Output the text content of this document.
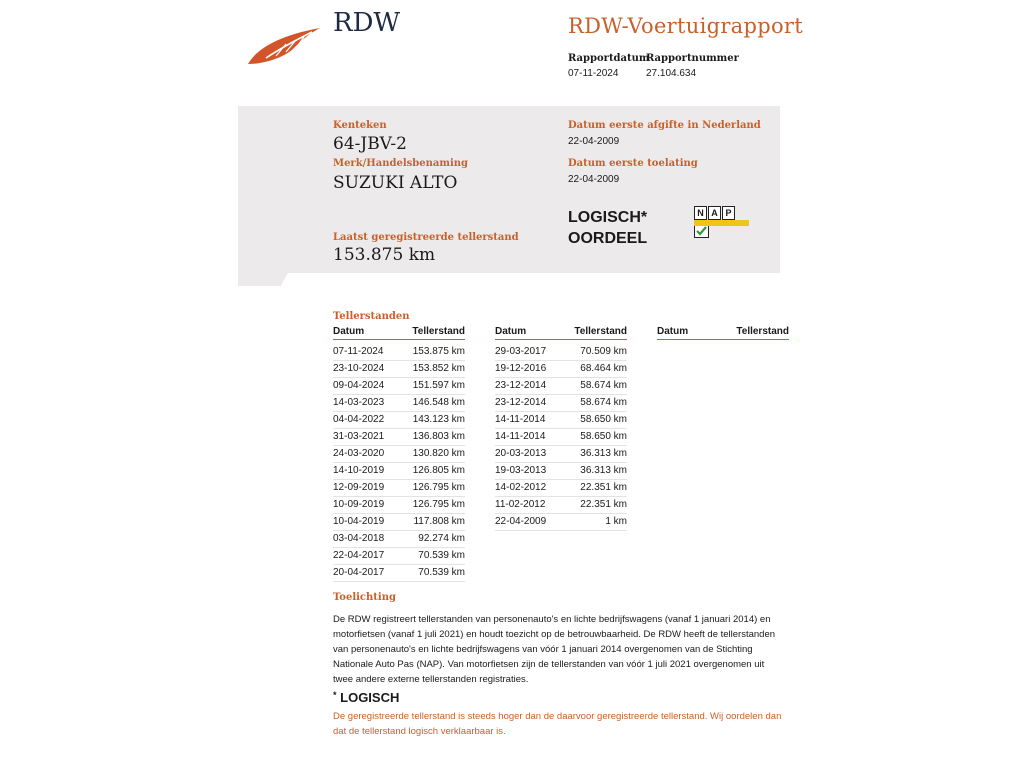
RDW	RDW-Voertuigrapport
Rapportdatum
07-11-2024
Rapportnummer
27.104.634
Kenteken
64-JBV-2
Merk/Handelsbenaming
SUZUKI ALTO
Laatst geregistreerde tellerstand
153.875 km
Datum eerste afgifte in Nederland
22-04-2009
Datum eerste toelating
22-04-2009
LOGISCH*
OORDEEL
N A P
Tellerstanden
Datum	Tellerstand
07-11-2024	153.875 km
23-10-2024	153.852 km
09-04-2024	151.597 km
14-03-2023	146.548 km
04-04-2022	143.123 km
31-03-2021	136.803 km
24-03-2020	130.820 km
14-10-2019	126.805 km
12-09-2019	126.795 km
10-09-2019	126.795 km
10-04-2019	117.808 km
03-04-2018	92.274 km
22-04-2017	70.539 km
20-04-2017	70.539 km
Datum	Tellerstand
29-03-2017	70.509 km
19-12-2016	68.464 km
23-12-2014	58.674 km
23-12-2014	58.674 km
14-11-2014	58.650 km
14-11-2014	58.650 km
20-03-2013	36.313 km
19-03-2013	36.313 km
14-02-2012	22.351 km
11-02-2012	22.351 km
22-04-2009	1 km
Datum	Tellerstand
Toelichting
De RDW registreert tellerstanden van personenauto's en lichte bedrijfswagens (vanaf 1 januari 2014) en motorfietsen (vanaf 1 juli 2021) en houdt toezicht op de betrouwbaarheid. De RDW heeft de tellerstanden van personenauto's en lichte bedrijfswagens van vóór 1 januari 2014 overgenomen van de Stichting Nationale Auto Pas (NAP). Van motorfietsen zijn de tellerstanden van vóór 1 juli 2021 overgenomen uit twee andere externe tellerstanden registraties.
* LOGISCH
De geregistreerde tellerstand is steeds hoger dan de daarvoor geregistreerde tellerstand. Wij oordelen dan dat de tellerstand logisch verklaarbaar is.
